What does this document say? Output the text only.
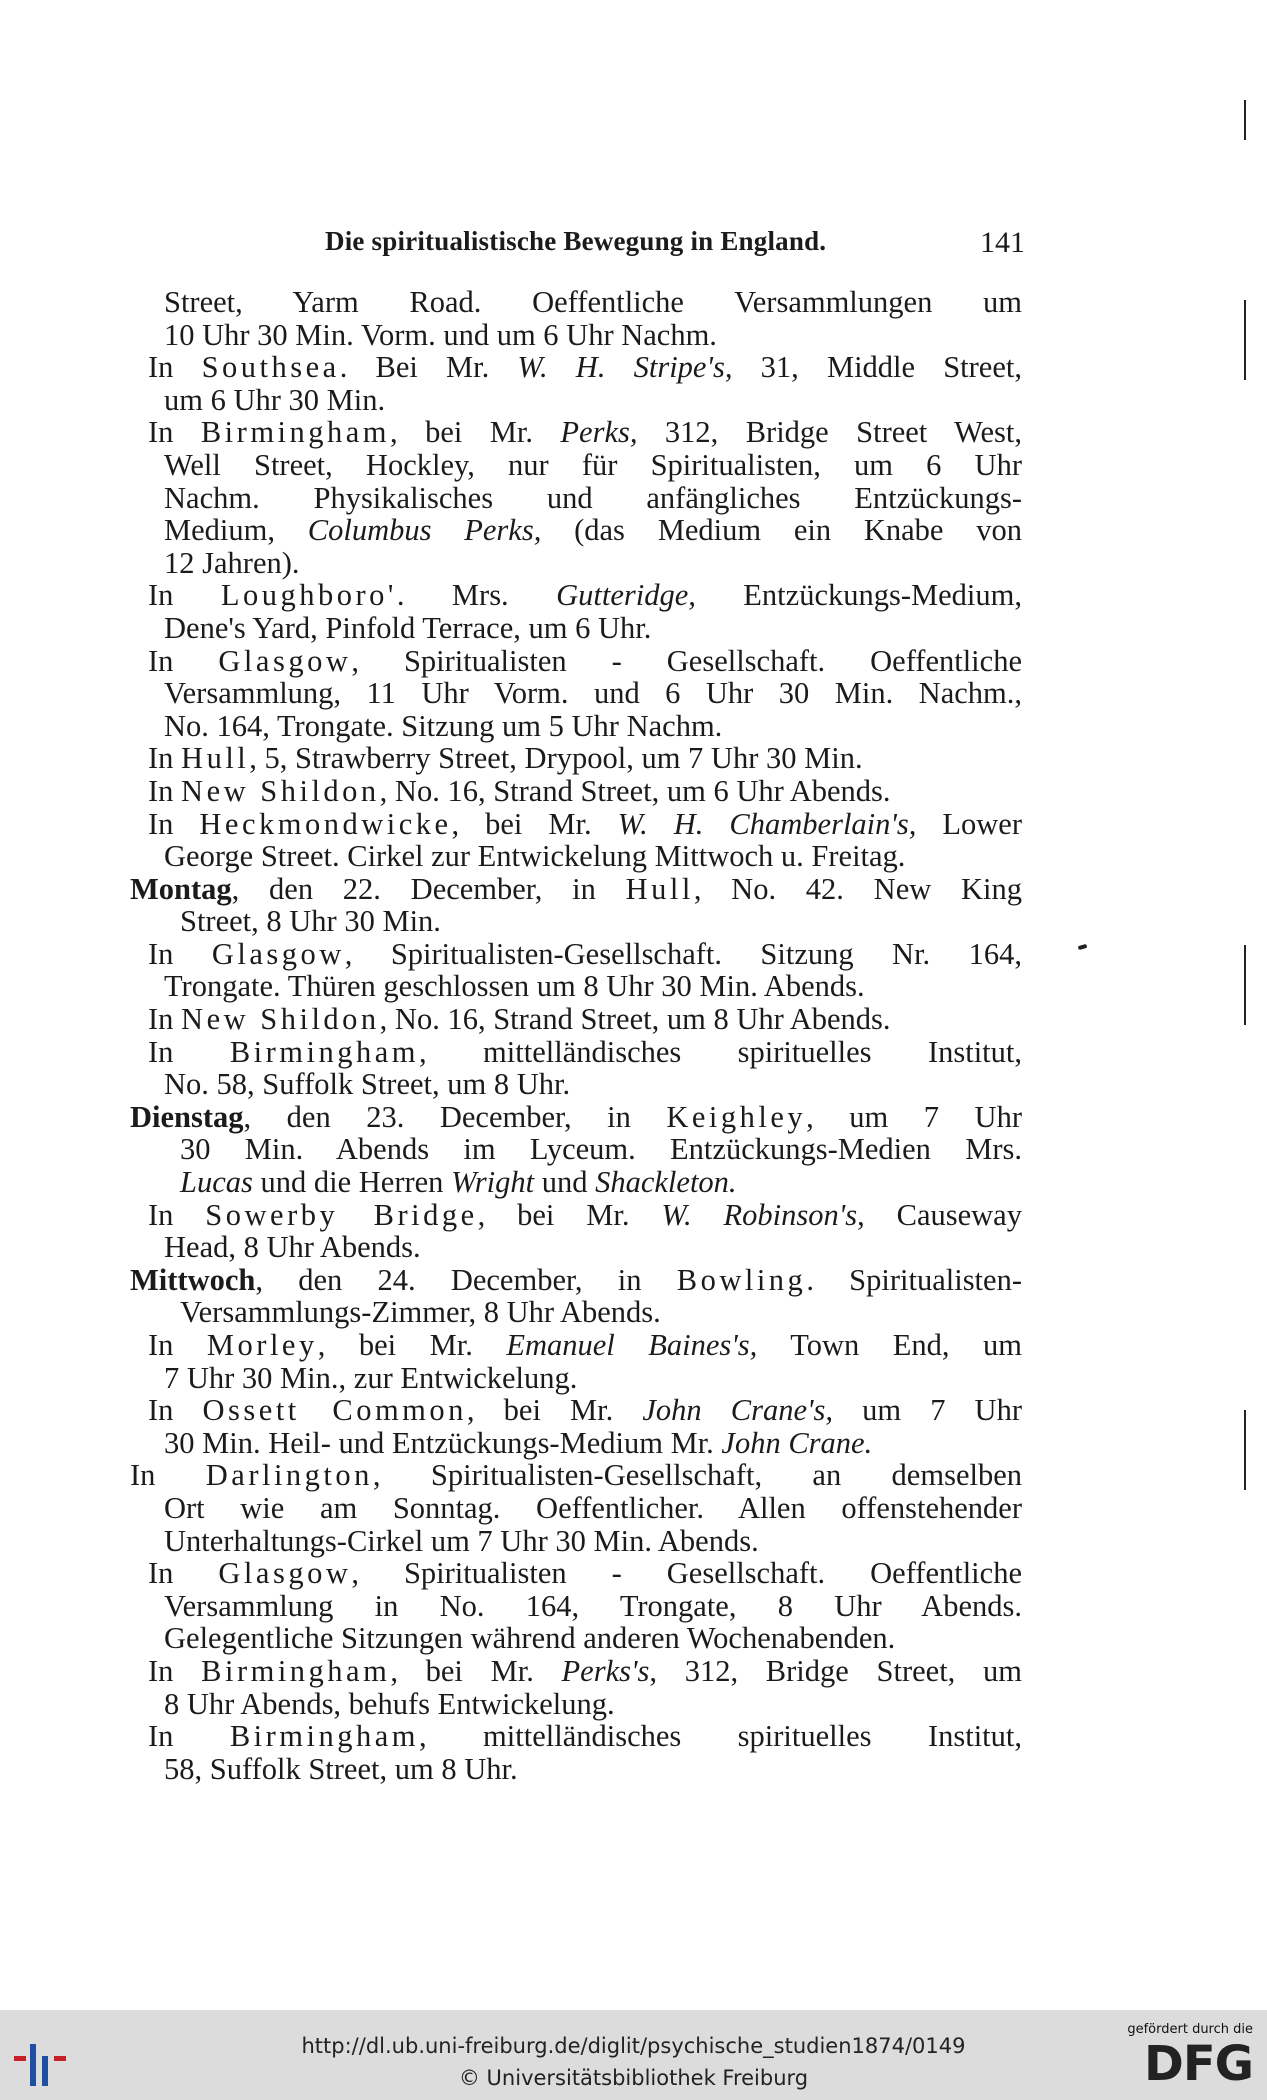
Die spiritualistische Bewegung in England.	141
Street, Yarm Road. Oeffentliche Versammlungen um
10 Uhr 30 Min. Vorm. und um 6 Uhr Nachm.
In Southsea. Bei Mr. W. H. Stripe's, 31, Middle Street,
um 6 Uhr 30 Min.
In Birmingham, bei Mr. Perks, 312, Bridge Street West,
Well Street, Hockley, nur für Spiritualisten, um 6 Uhr
Nachm. Physikalisches und anfängliches Entzückungs-
Medium, Columbus Perks, (das Medium ein Knabe von
12 Jahren).
In Loughboro'. Mrs. Gutteridge, Entzückungs-Medium,
Dene's Yard, Pinfold Terrace, um 6 Uhr.
In Glasgow, Spiritualisten - Gesellschaft. Oeffentliche
Versammlung, 11 Uhr Vorm. und 6 Uhr 30 Min. Nachm.,
No. 164, Trongate. Sitzung um 5 Uhr Nachm.
In Hull, 5, Strawberry Street, Drypool, um 7 Uhr 30 Min.
In New Shildon, No. 16, Strand Street, um 6 Uhr Abends.
In Heckmondwicke, bei Mr. W. H. Chamberlain's, Lower
George Street. Cirkel zur Entwickelung Mittwoch u. Freitag.
Montag, den 22. December, in Hull, No. 42. New King
Street, 8 Uhr 30 Min.
In Glasgow, Spiritualisten-Gesellschaft. Sitzung Nr. 164,
Trongate. Thüren geschlossen um 8 Uhr 30 Min. Abends.
In New Shildon, No. 16, Strand Street, um 8 Uhr Abends.
In Birmingham, mittelländisches spirituelles Institut,
No. 58, Suffolk Street, um 8 Uhr.
Dienstag, den 23. December, in Keighley, um 7 Uhr
30 Min. Abends im Lyceum. Entzückungs-Medien Mrs.
Lucas und die Herren Wright und Shackleton.
In Sowerby Bridge, bei Mr. W. Robinson's, Causeway
Head, 8 Uhr Abends.
Mittwoch, den 24. December, in Bowling. Spiritualisten-
Versammlungs-Zimmer, 8 Uhr Abends.
In Morley, bei Mr. Emanuel Baines's, Town End, um
7 Uhr 30 Min., zur Entwickelung.
In Ossett Common, bei Mr. John Crane's, um 7 Uhr
30 Min. Heil- und Entzückungs-Medium Mr. John Crane.
In Darlington, Spiritualisten-Gesellschaft, an demselben
Ort wie am Sonntag. Oeffentlicher. Allen offenstehender
Unterhaltungs-Cirkel um 7 Uhr 30 Min. Abends.
In Glasgow, Spiritualisten - Gesellschaft. Oeffentliche
Versammlung in No. 164, Trongate, 8 Uhr Abends.
Gelegentliche Sitzungen während anderen Wochenabenden.
In Birmingham, bei Mr. Perks's, 312, Bridge Street, um
8 Uhr Abends, behufs Entwickelung.
In Birmingham, mittelländisches spirituelles Institut,
58, Suffolk Street, um 8 Uhr.
http://dl.ub.uni-freiburg.de/diglit/psychische_studien1874/0149
© Universitätsbibliothek Freiburg
gefördert durch die
DFG
